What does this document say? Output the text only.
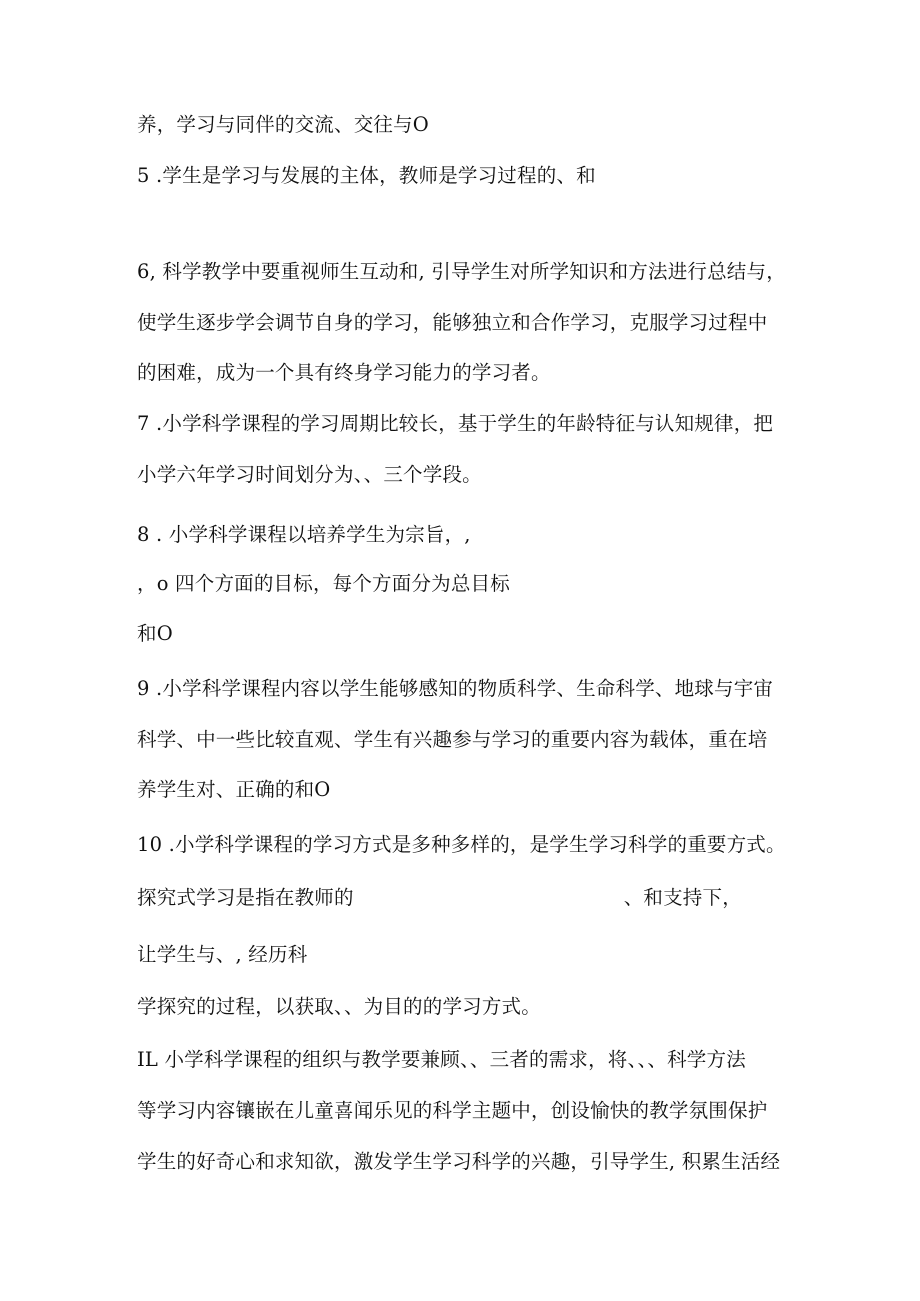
养，学习与同伴的交流、交往与O
5 .学生是学习与发展的主体，教师是学习过程的、和
6, 科学教学中要重视师生互动和, 引导学生对所学知识和方法进行总结与，
使学生逐步学会调节自身的学习，能够独立和合作学习，克服学习过程中
的困难，成为一个具有终身学习能力的学习者。
7 .小学科学课程的学习周期比较长，基于学生的年龄特征与认知规律，把
小学六年学习时间划分为、、三个学段。
8 . 小学科学课程以培养学生为宗旨，,
，o 四个方面的目标，每个方面分为总目标
和O
9 .小学科学课程内容以学生能够感知的物质科学、生命科学、地球与宇宙
科学、中一些比较直观、学生有兴趣参与学习的重要内容为载体，重在培
养学生对、正确的和O
10 .小学科学课程的学习方式是多种多样的，是学生学习科学的重要方式。
探究式学习是指在教师的	、和支持下，
让学生与、, 经历科
学探究的过程，以获取、、为目的的学习方式。
IL 小学科学课程的组织与教学要兼顾、、三者的需求，将、、、科学方法
等学习内容镶嵌在儿童喜闻乐见的科学主题中，创设愉快的教学氛围保护
学生的好奇心和求知欲，激发学生学习科学的兴趣，引导学生, 积累生活经
